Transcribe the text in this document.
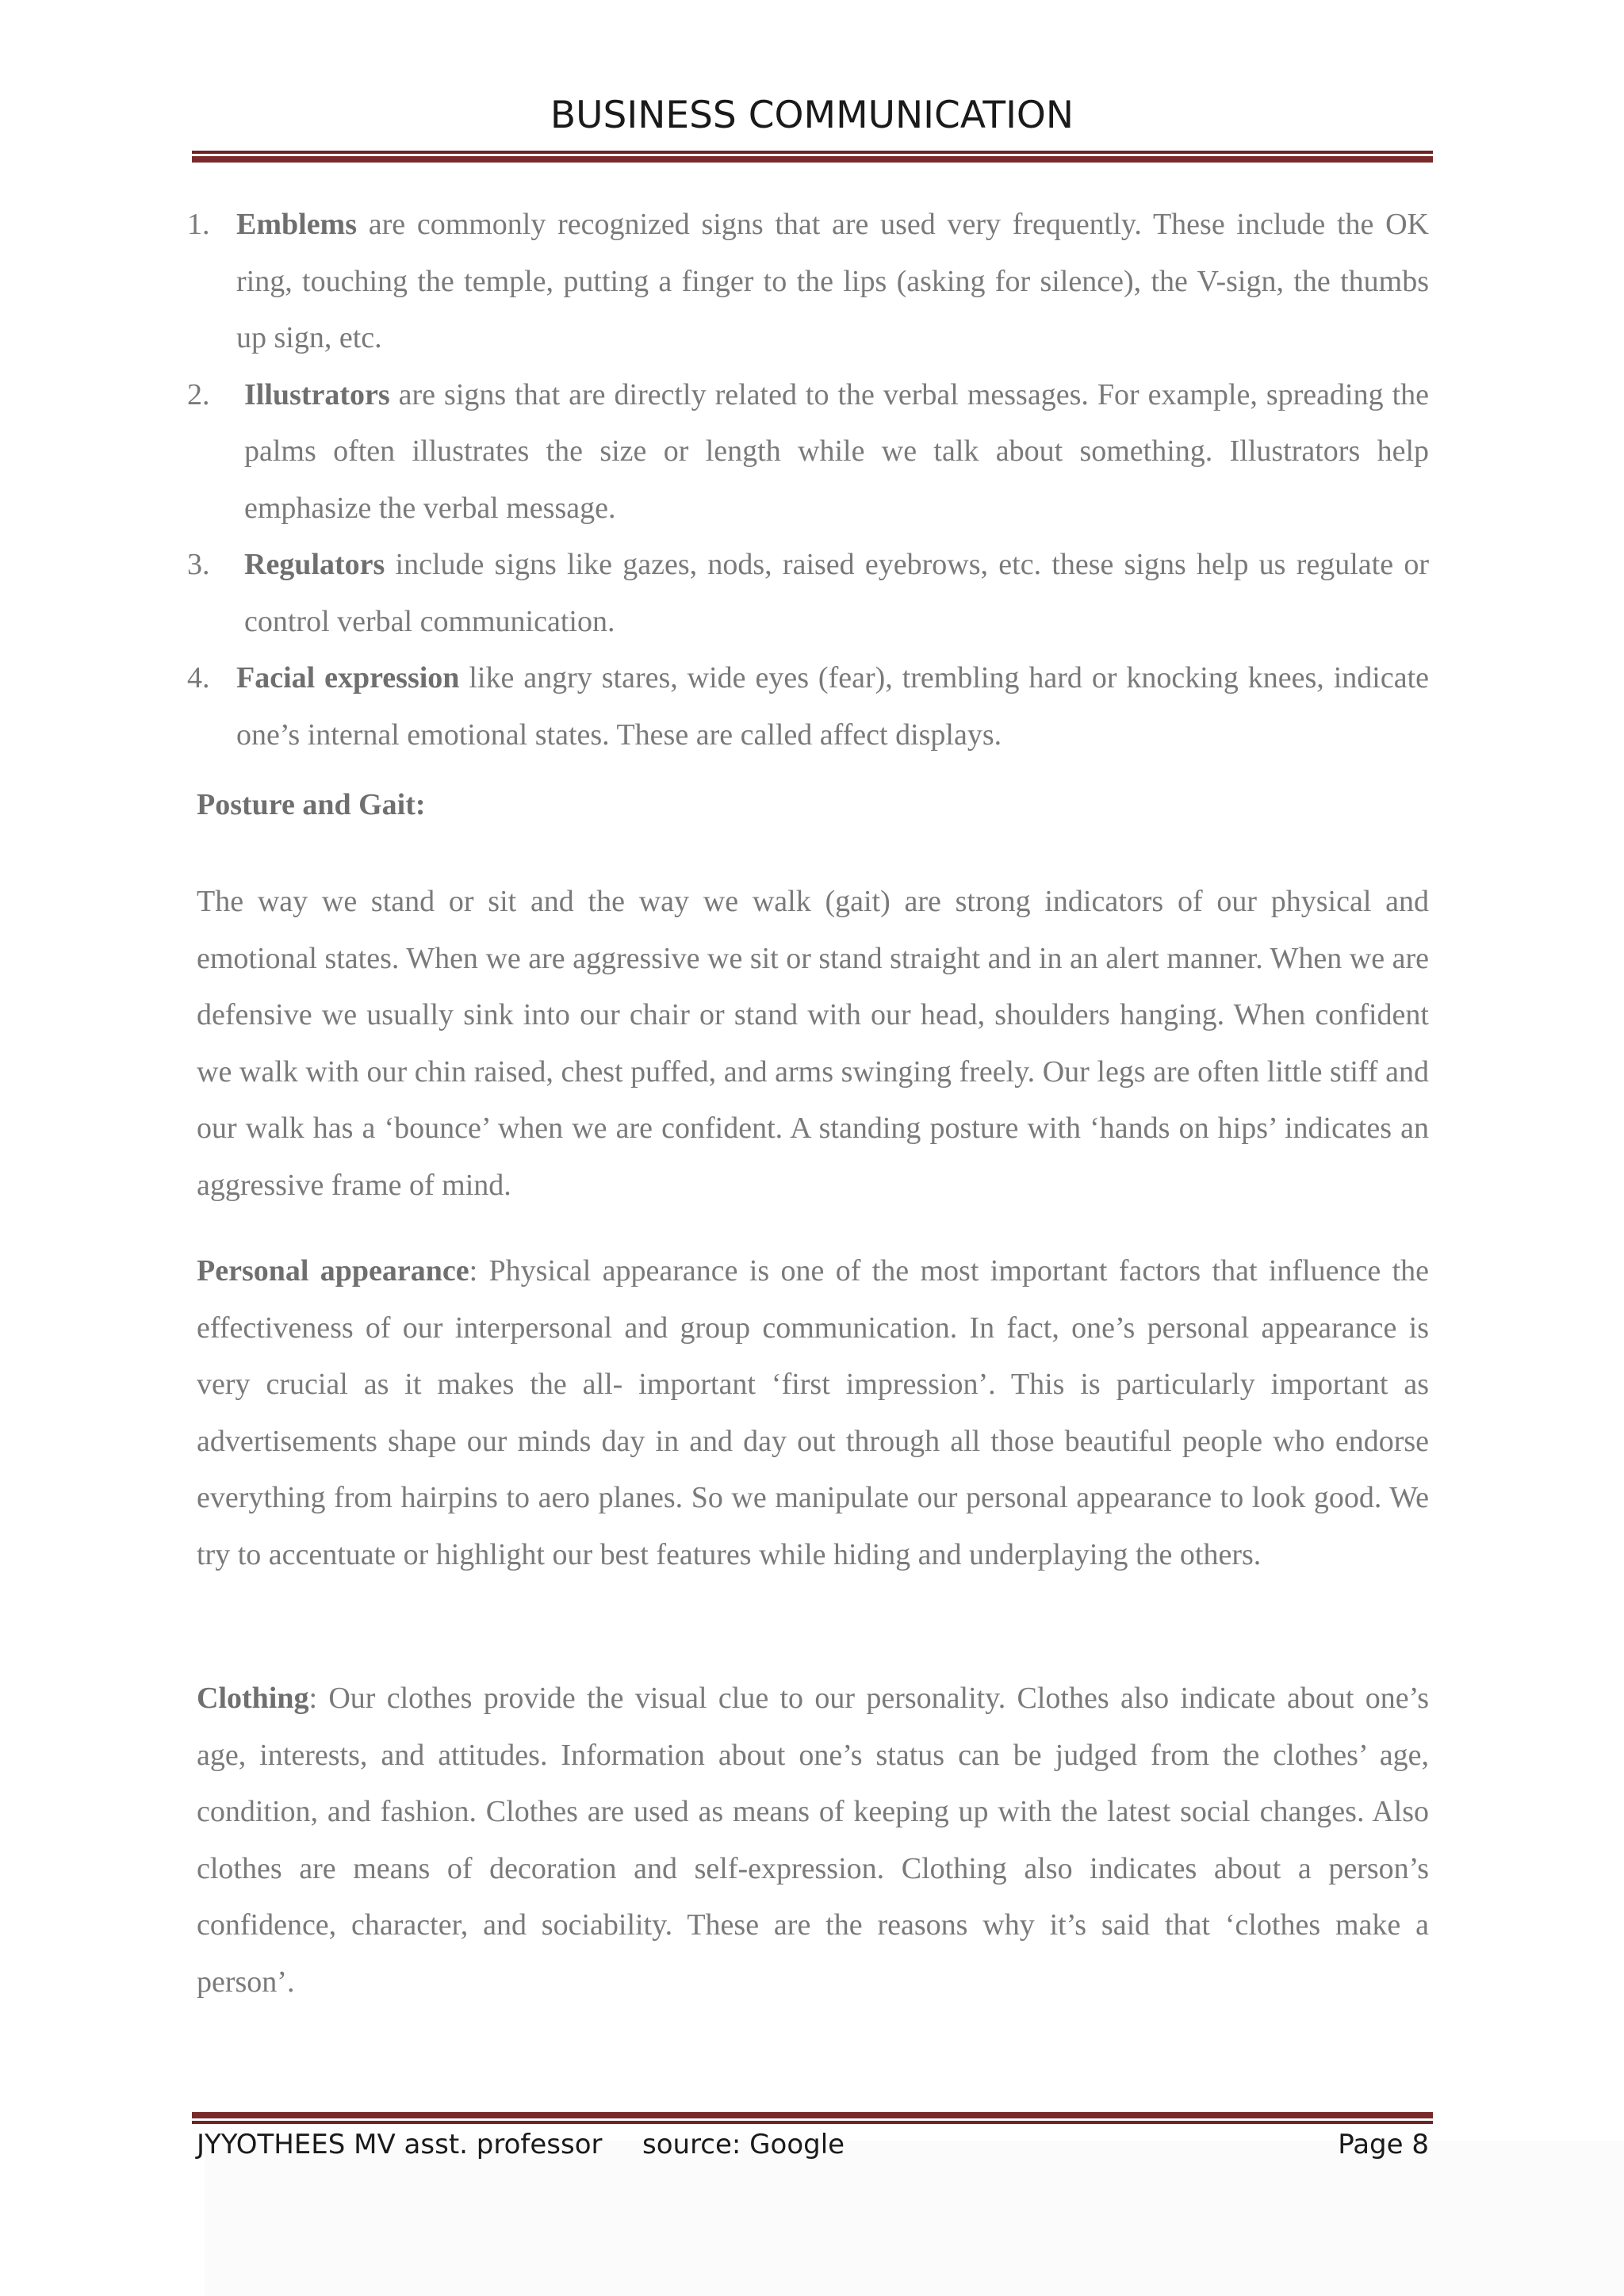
BUSINESS COMMUNICATION
1. Emblems are commonly recognized signs that are used very frequently. These include the OK ring, touching the temple, putting a finger to the lips (asking for silence), the V-sign, the thumbs up sign, etc.
2. Illustrators are signs that are directly related to the verbal messages. For example, spreading the palms often illustrates the size or length while we talk about something. Illustrators help emphasize the verbal message.
3. Regulators include signs like gazes, nods, raised eyebrows, etc. these signs help us regulate or control verbal communication.
4. Facial expression like angry stares, wide eyes (fear), trembling hard or knocking knees, indicate one’s internal emotional states. These are called affect displays.

Posture and Gait:

The way we stand or sit and the way we walk (gait) are strong indicators of our physical and emotional states. When we are aggressive we sit or stand straight and in an alert manner. When we are defensive we usually sink into our chair or stand with our head, shoulders hanging. When confident we walk with our chin raised, chest puffed, and arms swinging freely. Our legs are often little stiff and our walk has a ‘bounce’ when we are confident. A standing posture with ‘hands on hips’ indicates an aggressive frame of mind.

Personal appearance: Physical appearance is one of the most important factors that influence the effectiveness of our interpersonal and group communication. In fact, one’s personal appearance is very crucial as it makes the all- important ‘first impression’. This is particularly important as advertisements shape our minds day in and day out through all those beautiful people who endorse everything from hairpins to aero planes. So we manipulate our personal appearance to look good. We try to accentuate or highlight our best features while hiding and underplaying the others.

Clothing: Our clothes provide the visual clue to our personality. Clothes also indicate about one’s age, interests, and attitudes. Information about one’s status can be judged from the clothes’ age, condition, and fashion. Clothes are used as means of keeping up with the latest social changes. Also clothes are means of decoration and self-expression. Clothing also indicates about a person’s confidence, character, and sociability. These are the reasons why it’s said that ‘clothes make a person’.

JYYOTHEES MV asst. professor source: Google	Page 8
